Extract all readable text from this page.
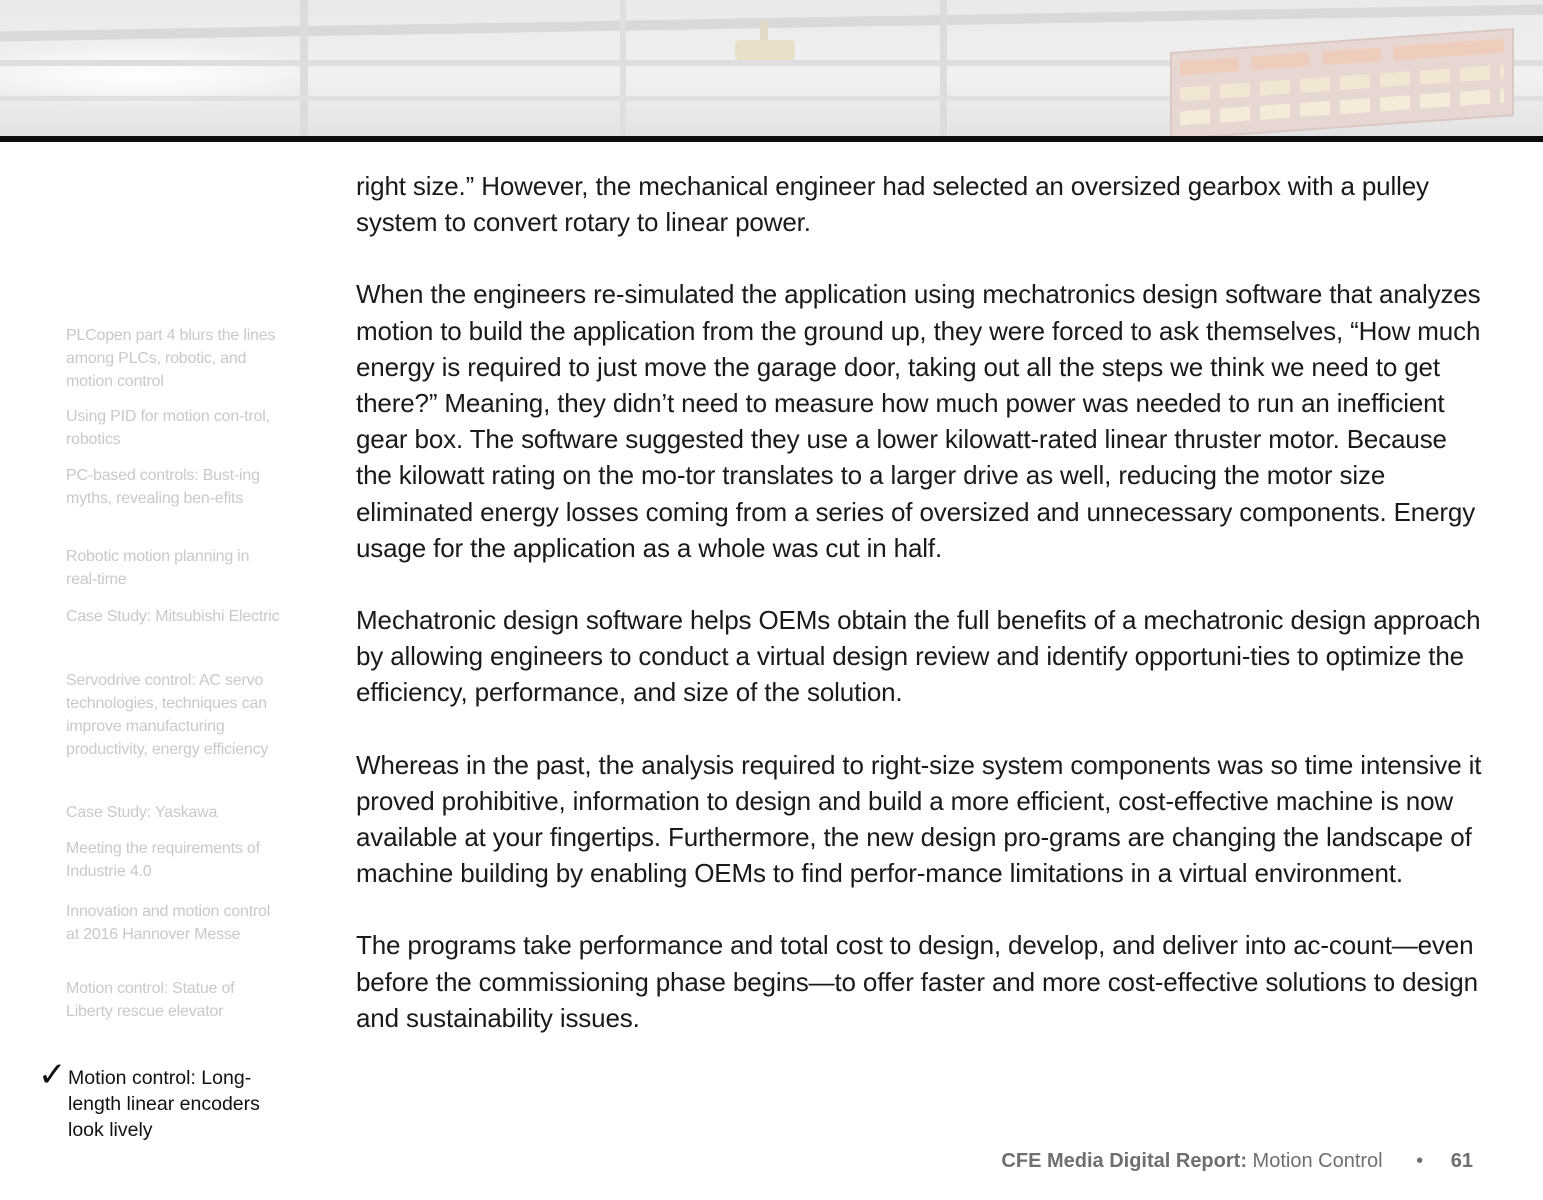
PLCopen part 4 blurs the lines among PLCs, robotic, and motion control
Using PID for motion con-trol, robotics
PC-based controls: Bust-ing myths, revealing ben-efits
Robotic motion planning in real-time
Case Study: Mitsubishi Electric
Servodrive control: AC servo technologies, techniques can improve manufacturing productivity, energy efficiency
Case Study: Yaskawa
Meeting the requirements of Industrie 4.0
Innovation and motion control at 2016 Hannover Messe
Motion control: Statue of Liberty rescue elevator
Motion control: Long-length linear encoders look lively
✓

right size.” However, the mechanical engineer had selected an oversized gearbox with a pulley system to convert rotary to linear power.

When the engineers re-simulated the application using mechatronics design software that analyzes motion to build the application from the ground up, they were forced to ask themselves, “How much energy is required to just move the garage door, taking out all the steps we think we need to get there?” Meaning, they didn’t need to measure how much power was needed to run an inefficient gear box. The software suggested they use a lower kilowatt-rated linear thruster motor. Because the kilowatt rating on the mo-tor translates to a larger drive as well, reducing the motor size eliminated energy losses coming from a series of oversized and unnecessary components. Energy usage for the application as a whole was cut in half.

Mechatronic design software helps OEMs obtain the full benefits of a mechatronic design approach by allowing engineers to conduct a virtual design review and identify opportuni-ties to optimize the efficiency, performance, and size of the solution.

Whereas in the past, the analysis required to right-size system components was so time intensive it proved prohibitive, information to design and build a more efficient, cost-effective machine is now available at your fingertips. Furthermore, the new design pro-grams are changing the landscape of machine building by enabling OEMs to find perfor-mance limitations in a virtual environment.

The programs take performance and total cost to design, develop, and deliver into ac-count—even before the commissioning phase begins—to offer faster and more cost-effective solutions to design and sustainability issues.

CFE Media Digital Report: Motion Control • 61
